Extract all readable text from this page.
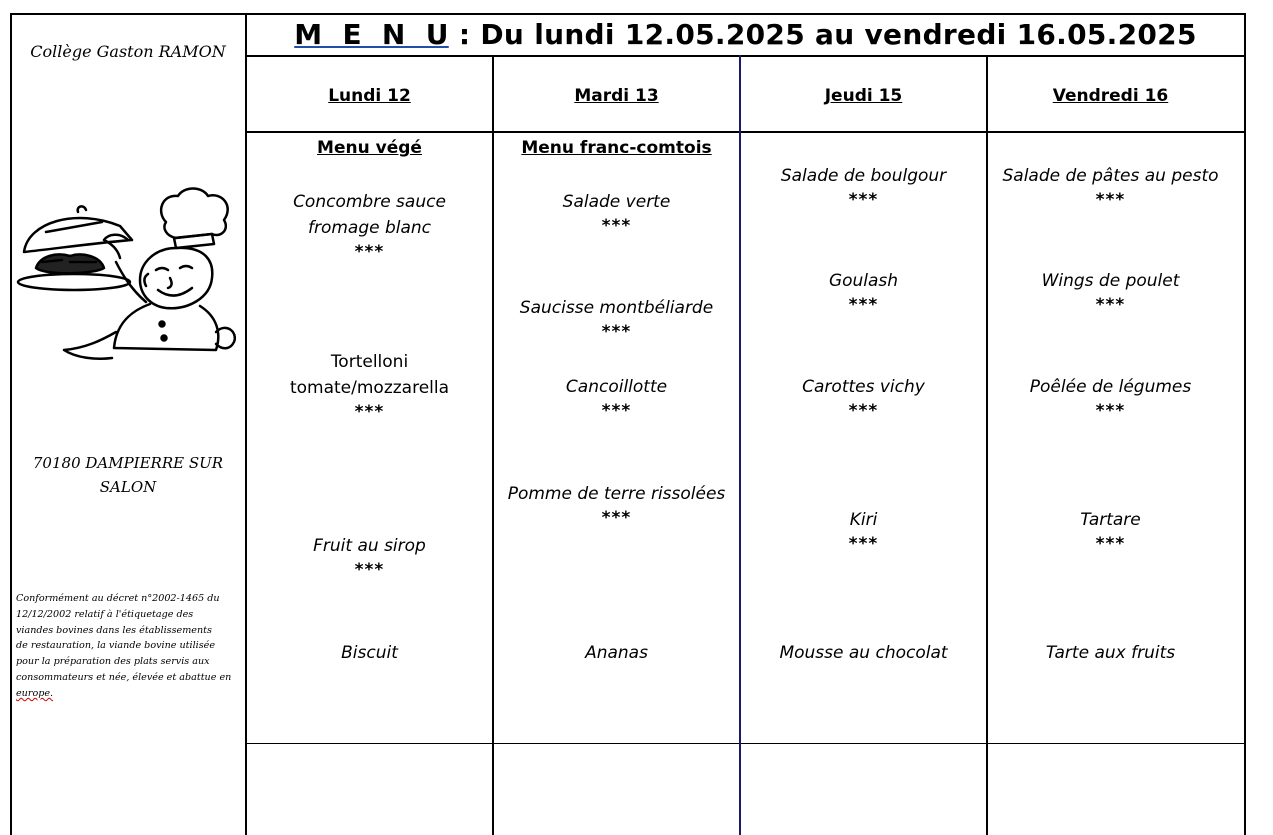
Collège Gaston RAMON
70180 DAMPIERRE SUR SALON
Conformément au décret n°2002-1465 du
12/12/2002 relatif à l'étiquetage des
viandes bovines dans les établissements
de restauration, la viande bovine utilisée
pour la préparation des plats servis aux
consommateurs et née, élevée et abattue en
europe.
M E N U : Du lundi 12.05.2025 au vendredi 16.05.2025
Lundi 12
Menu végé
Concombre sauce fromage blanc
***
Tortelloni tomate/mozzarella
***
Fruit au sirop
***
Biscuit
Mardi 13
Menu franc-comtois
Salade verte
***
Saucisse montbéliarde
***
Cancoillotte
***
Pomme de terre rissolées
***
Ananas
Jeudi 15
Salade de boulgour
***
Goulash
***
Carottes vichy
***
Kiri
***
Mousse au chocolat
Vendredi 16
Salade de pâtes au pesto
***
Wings de poulet
***
Poêlée de légumes
***
Tartare
***
Tarte aux fruits
